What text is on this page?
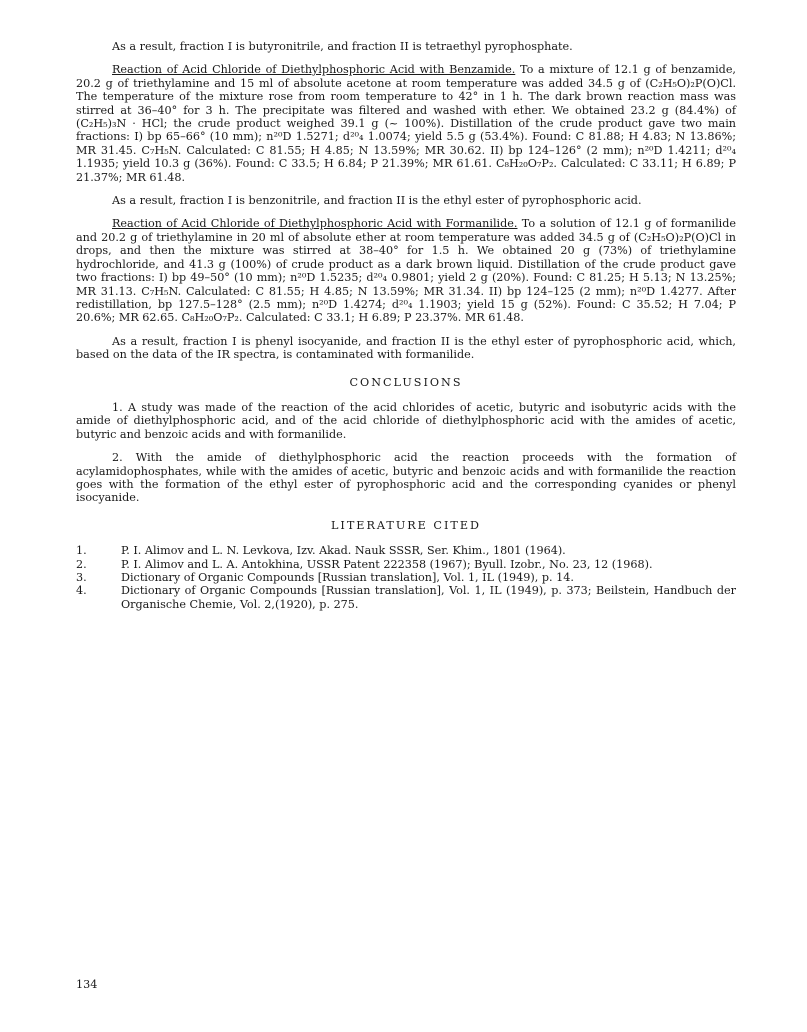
As a result, fraction I is butyronitrile, and fraction II is tetraethyl pyrophosphate.

Reaction of Acid Chloride of Diethylphosphoric Acid with Benzamide. To a mixture of 12.1 g of benzamide, 20.2 g of triethylamine and 15 ml of absolute acetone at room temperature was added 34.5 g of (C₂H₅O)₂P(O)Cl. The temperature of the mixture rose from room temperature to 42° in 1 h. The dark brown reaction mass was stirred at 36–40° for 3 h. The precipitate was filtered and washed with ether. We obtained 23.2 g (84.4%) of (C₂H₅)₃N · HCl; the crude product weighed 39.1 g (~ 100%). Distillation of the crude product gave two main fractions: I) bp 65–66° (10 mm); n²⁰D 1.5271; d²⁰₄ 1.0074; yield 5.5 g (53.4%). Found: C 81.88; H 4.83; N 13.86%; MR 31.45. C₇H₅N. Calculated: C 81.55; H 4.85; N 13.59%; MR 30.62. II) bp 124–126° (2 mm); n²⁰D 1.4211; d²⁰₄ 1.1935; yield 10.3 g (36%). Found: C 33.5; H 6.84; P 21.39%; MR 61.61. C₈H₂₀O₇P₂. Calculated: C 33.11; H 6.89; P 21.37%; MR 61.48.

As a result, fraction I is benzonitrile, and fraction II is the ethyl ester of pyrophosphoric acid.

Reaction of Acid Chloride of Diethylphosphoric Acid with Formanilide. To a solution of 12.1 g of formanilide and 20.2 g of triethylamine in 20 ml of absolute ether at room temperature was added 34.5 g of (C₂H₅O)₂P(O)Cl in drops, and then the mixture was stirred at 38–40° for 1.5 h. We obtained 20 g (73%) of triethylamine hydrochloride, and 41.3 g (100%) of crude product as a dark brown liquid. Distillation of the crude product gave two fractions: I) bp 49–50° (10 mm); n²⁰D 1.5235; d²⁰₄ 0.9801; yield 2 g (20%). Found: C 81.25; H 5.13; N 13.25%; MR 31.13. C₇H₅N. Calculated: C 81.55; H 4.85; N 13.59%; MR 31.34. II) bp 124–125 (2 mm); n²⁰D 1.4277. After redistillation, bp 127.5–128° (2.5 mm); n²⁰D 1.4274; d²⁰₄ 1.1903; yield 15 g (52%). Found: C 35.52; H 7.04; P 20.6%; MR 62.65. C₈H₂₀O₇P₂. Calculated: C 33.1; H 6.89; P 23.37%. MR 61.48.

As a result, fraction I is phenyl isocyanide, and fraction II is the ethyl ester of pyrophosphoric acid, which, based on the data of the IR spectra, is contaminated with formanilide.

CONCLUSIONS

1. A study was made of the reaction of the acid chlorides of acetic, butyric and isobutyric acids with the amide of diethylphosphoric acid, and of the acid chloride of diethylphosphoric acid with the amides of acetic, butyric and benzoic acids and with formanilide.

2. With the amide of diethylphosphoric acid the reaction proceeds with the formation of acylamidophosphates, while with the amides of acetic, butyric and benzoic acids and with formanilide the reaction goes with the formation of the ethyl ester of pyrophosphoric acid and the corresponding cyanides or phenyl isocyanide.

LITERATURE CITED
1.	P. I. Alimov and L. N. Levkova, Izv. Akad. Nauk SSSR, Ser. Khim., 1801 (1964).
2.	P. I. Alimov and L. A. Antokhina, USSR Patent 222358 (1967); Byull. Izobr., No. 23, 12 (1968).
3.	Dictionary of Organic Compounds [Russian translation], Vol. 1, IL (1949), p. 14.
4.	Dictionary of Organic Compounds [Russian translation], Vol. 1, IL (1949), p. 373; Beilstein, Handbuch der Organische Chemie, Vol. 2,(1920), p. 275.
134
